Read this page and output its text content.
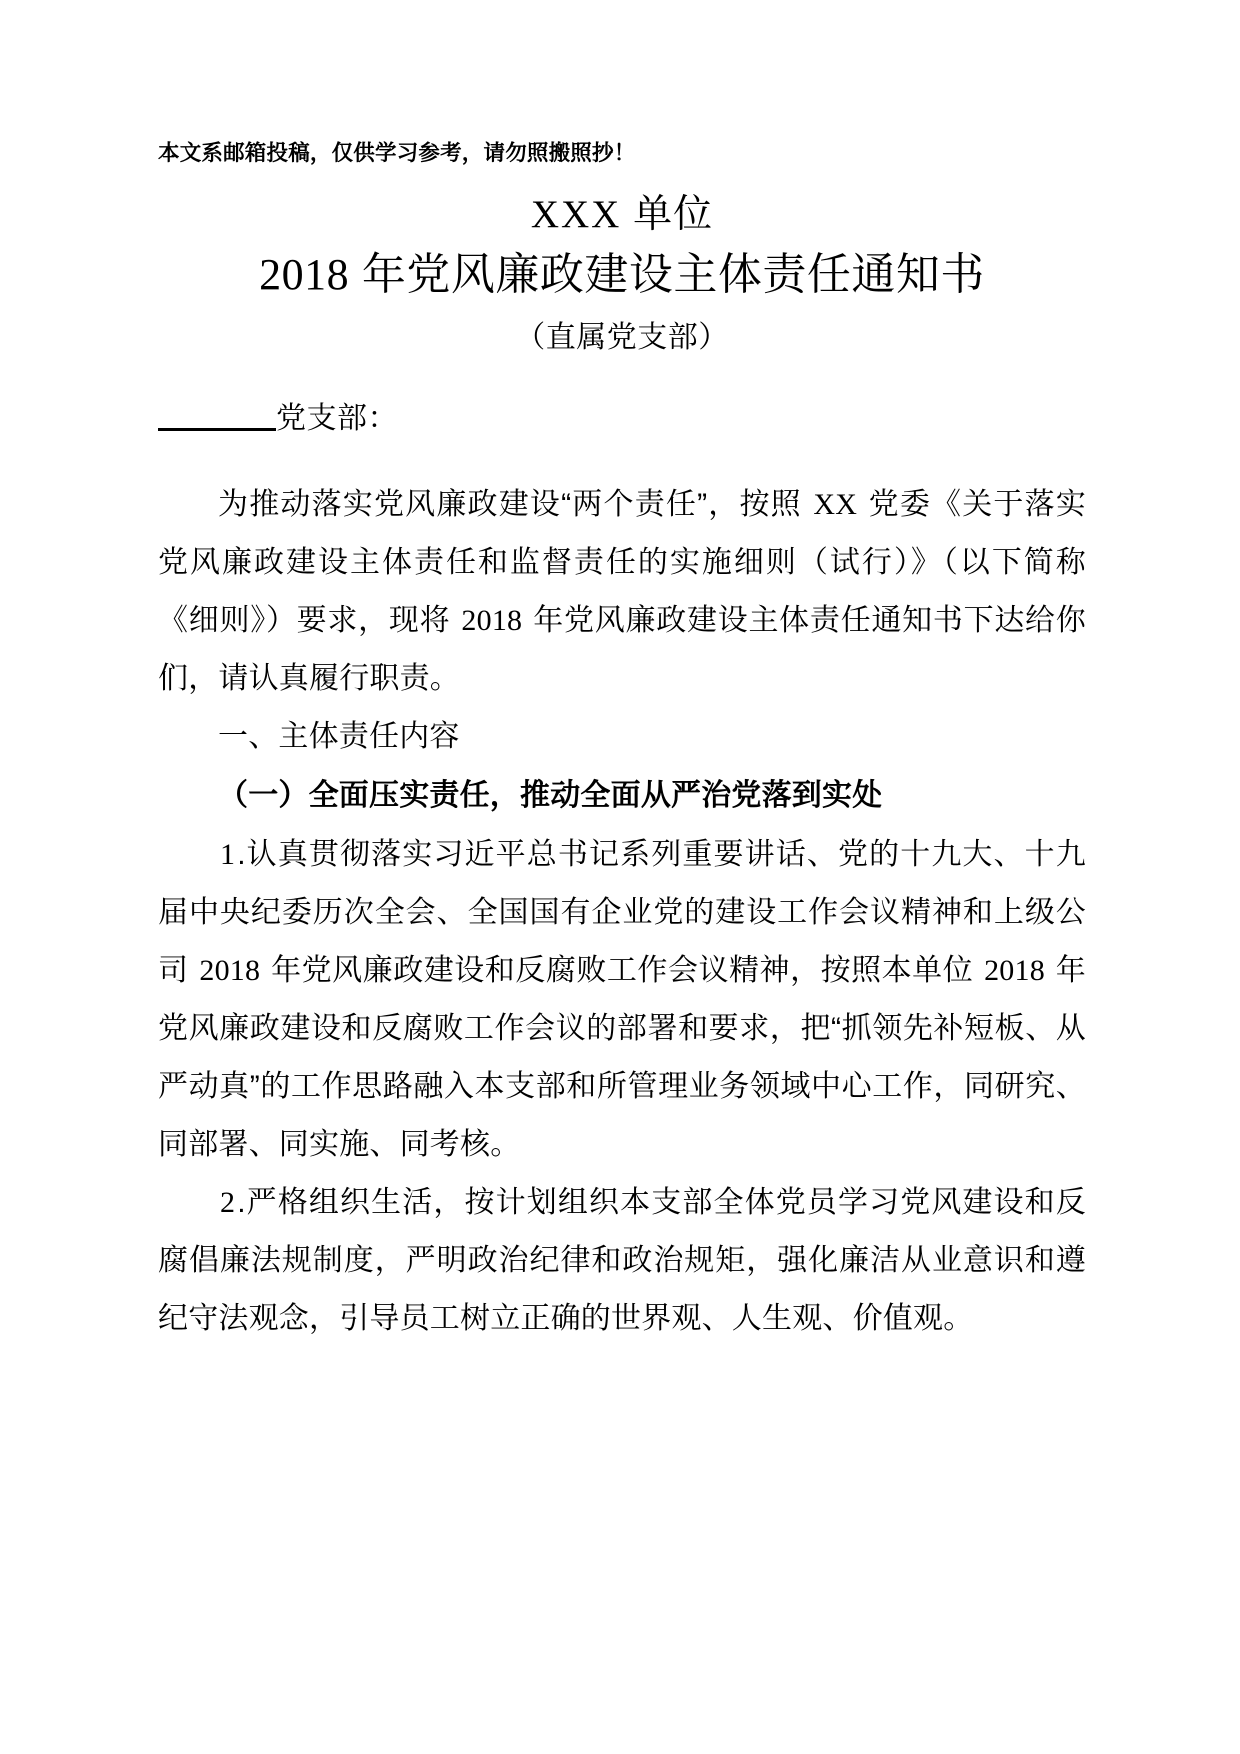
本文系邮箱投稿，仅供学习参考，请勿照搬照抄！
XXX 单位
2018 年党风廉政建设主体责任通知书
（直属党支部）
党支部：

为推动落实党风廉政建设“两个责任”，按照 XX 党委《关于落实党风廉政建设主体责任和监督责任的实施细则（试行）》（以下简称《细则》）要求，现将 2018 年党风廉政建设主体责任通知书下达给你们，请认真履行职责。

一、主体责任内容
（一）全面压实责任，推动全面从严治党落到实处

1.认真贯彻落实习近平总书记系列重要讲话、党的十九大、十九届中央纪委历次全会、全国国有企业党的建设工作会议精神和上级公司 2018 年党风廉政建设和反腐败工作会议精神，按照本单位 2018 年党风廉政建设和反腐败工作会议的部署和要求，把“抓领先补短板、从严动真”的工作思路融入本支部和所管理业务领域中心工作，同研究、同部署、同实施、同考核。

2.严格组织生活，按计划组织本支部全体党员学习党风建设和反腐倡廉法规制度，严明政治纪律和政治规矩，强化廉洁从业意识和遵纪守法观念，引导员工树立正确的世界观、人生观、价值观。
